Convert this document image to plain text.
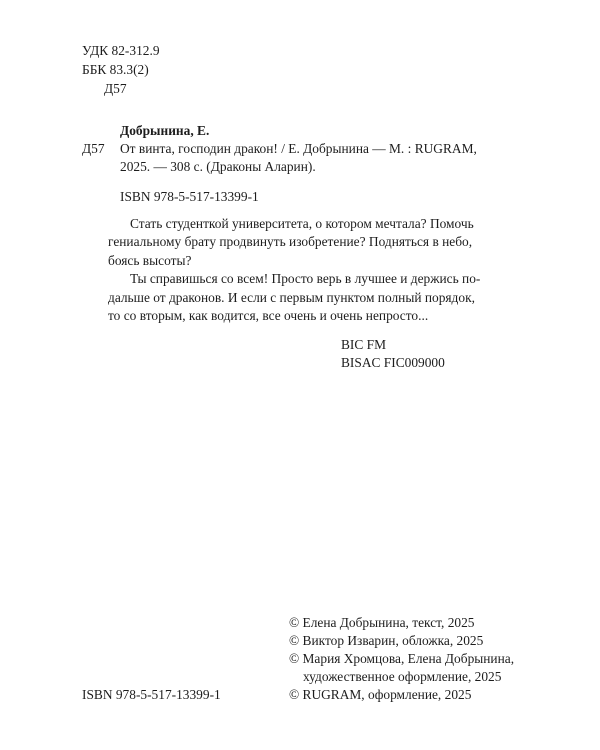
УДК 82-312.9
ББК 83.3(2)
Д57
Д57
Добрынина, Е.
От винта, господин дракон! / Е. Добрынина — М. : RUGRAM,
2025. — 308 с. (Драконы Аларин).
ISBN 978-5-517-13399-1

Стать студенткой университета, о котором мечтала? Помочь

гениальному брату продвинуть изобретение? Подняться в небо,

боясь высоты?

Ты справишься со всем! Просто верь в лучшее и держись по-

дальше от драконов. И если с первым пунктом полный порядок,

то со вторым, как водится, все очень и очень непросто...

BIC FM
BISAC FIC009000
ISBN 978-5-517-13399-1
© Елена Добрынина, текст, 2025
© Виктор Изварин, обложка, 2025
© Мария Хромцова, Елена Добрынина,
художественное оформление, 2025
© RUGRAM, оформление, 2025
